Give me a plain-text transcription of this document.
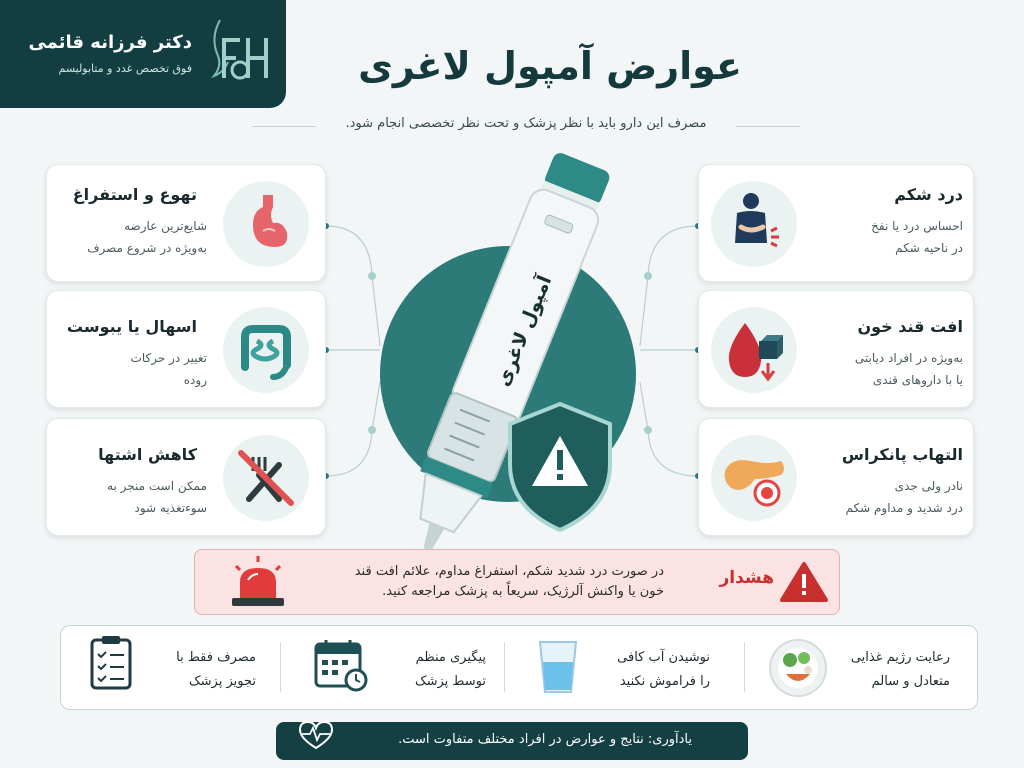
دکتر فرزانه قائمی
فوق تخصص غدد و متابولیسم	عوارض آمپول لاغری
مصرف این دارو باید با نظر پزشک و تحت نظر تخصصی انجام شود.
آمپول لاغری
تهوع و استفراغ
شایع‌ترین عارضه
به‌ویژه در شروع مصرف
اسهال یا یبوست
تغییر در حرکات
روده
کاهش اشتها
ممکن است منجر به
سوءتغذیه شود
درد شکم
احساس درد یا نفخ
در ناحیه شکم
افت قند خون
به‌ویژه در افراد دیابتی
یا با داروهای قندی
التهاب پانکراس
نادر ولی جدی
درد شدید و مداوم شکم
در صورت درد شدید شکم، استفراغ مداوم، علائم افت قند
خون یا واکنش آلرژیک، سریعاً به پزشک مراجعه کنید.
هشدار
رعایت رژیم غذایی
متعادل و سالم
نوشیدن آب کافی
را فراموش نکنید
پیگیری منظم
توسط پزشک
مصرف فقط با
تجویز پزشک
یادآوری: نتایج و عوارض در افراد مختلف متفاوت است.
